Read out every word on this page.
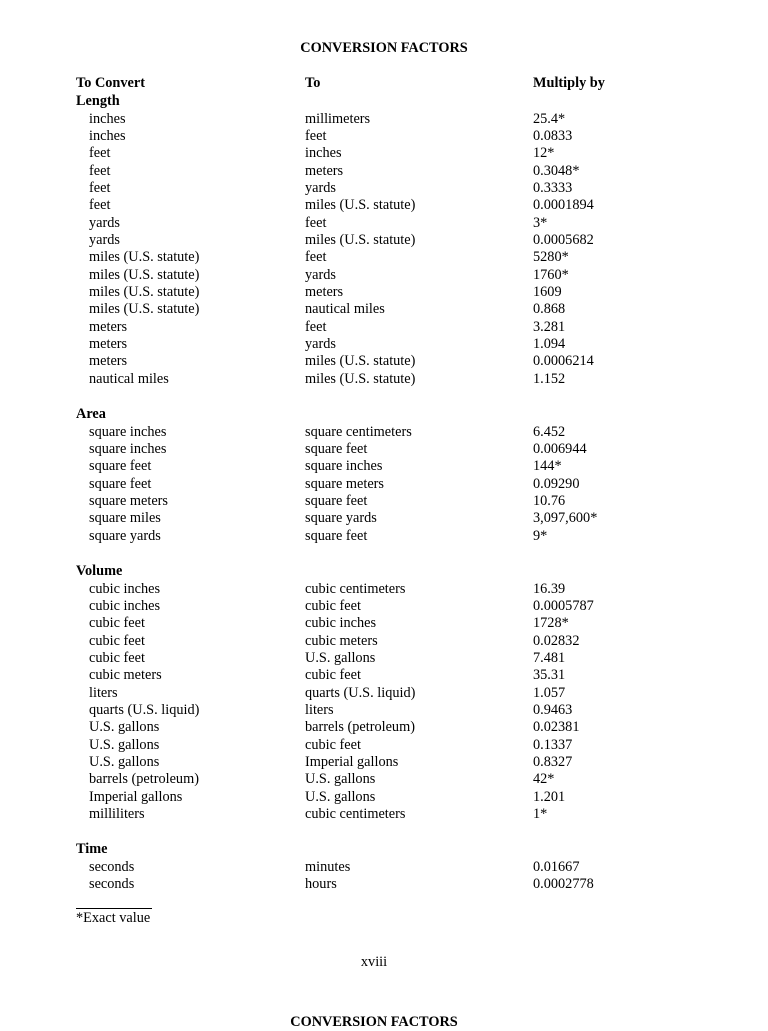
CONVERSION FACTORS
To Convert	To	Multiply by
Length
inches	millimeters	25.4*
inches	feet	0.0833
feet	inches	12*
feet	meters	0.3048*
feet	yards	0.3333
feet	miles (U.S. statute)	0.0001894
yards	feet	3*
yards	miles (U.S. statute)	0.0005682
miles (U.S. statute)	feet	5280*
miles (U.S. statute)	yards	1760*
miles (U.S. statute)	meters	1609
miles (U.S. statute)	nautical miles	0.868
meters	feet	3.281
meters	yards	1.094
meters	miles (U.S. statute)	0.0006214
nautical miles	miles (U.S. statute)	1.152
Area
square inches	square centimeters	6.452
square inches	square feet	0.006944
square feet	square inches	144*
square feet	square meters	0.09290
square meters	square feet	10.76
square miles	square yards	3,097,600*
square yards	square feet	9*
Volume
cubic inches	cubic centimeters	16.39
cubic inches	cubic feet	0.0005787
cubic feet	cubic inches	1728*
cubic feet	cubic meters	0.02832
cubic feet	U.S. gallons	7.481
cubic meters	cubic feet	35.31
liters	quarts (U.S. liquid)	1.057
quarts (U.S. liquid)	liters	0.9463
U.S. gallons	barrels (petroleum)	0.02381
U.S. gallons	cubic feet	0.1337
U.S. gallons	Imperial gallons	0.8327
barrels (petroleum)	U.S. gallons	42*
Imperial gallons	U.S. gallons	1.201
milliliters	cubic centimeters	1*
Time
seconds	minutes	0.01667
seconds	hours	0.0002778
*Exact value
xviii
CONVERSION FACTORS
